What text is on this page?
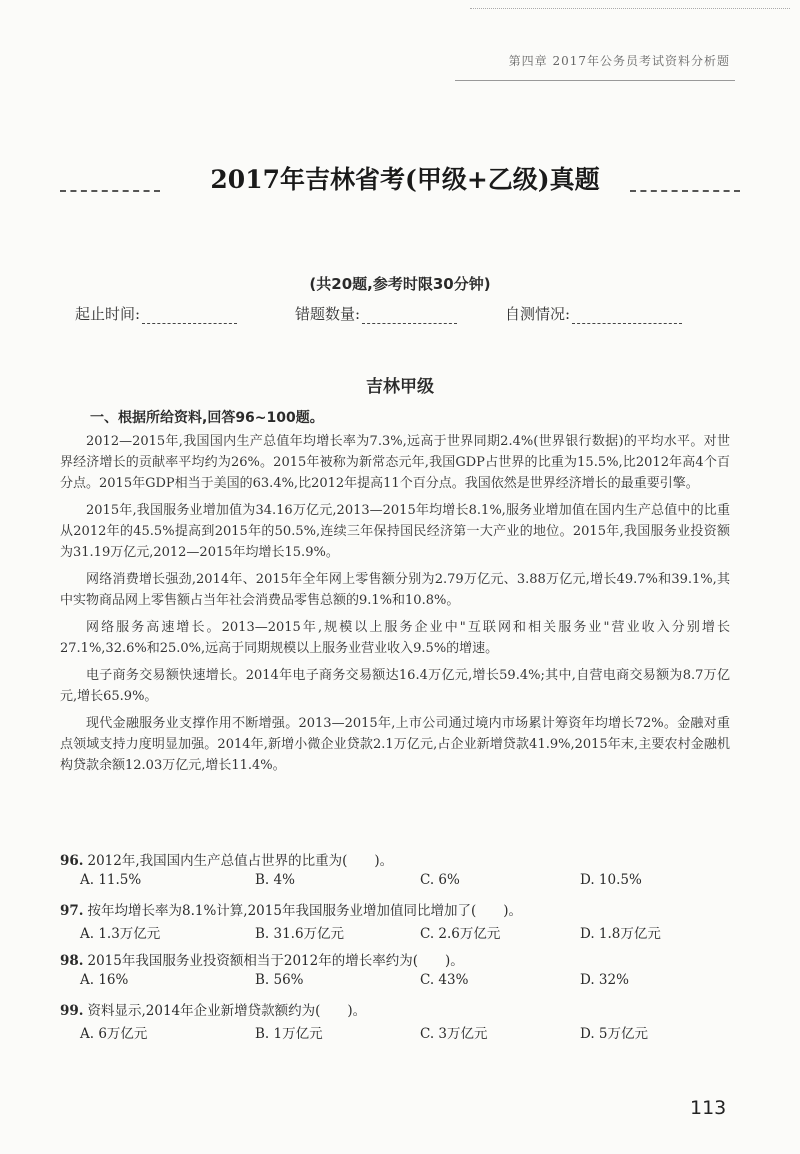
第四章 2017年公务员考试资料分析题
2017年吉林省考(甲级+乙级)真题
(共20题,参考时限30分钟)
起止时间:	错题数量:	自测情况:
吉林甲级
一、根据所给资料,回答96~100题。

2012—2015年,我国国内生产总值年均增长率为7.3%,远高于世界同期2.4%(世界银行数据)的平均水平。对世界经济增长的贡献率平均约为26%。2015年被称为新常态元年,我国GDP占世界的比重为15.5%,比2012年高4个百分点。2015年GDP相当于美国的63.4%,比2012年提高11个百分点。我国依然是世界经济增长的最重要引擎。

2015年,我国服务业增加值为34.16万亿元,2013—2015年均增长8.1%,服务业增加值在国内生产总值中的比重从2012年的45.5%提高到2015年的50.5%,连续三年保持国民经济第一大产业的地位。2015年,我国服务业投资额为31.19万亿元,2012—2015年均增长15.9%。

网络消费增长强劲,2014年、2015年全年网上零售额分别为2.79万亿元、3.88万亿元,增长49.7%和39.1%,其中实物商品网上零售额占当年社会消费品零售总额的9.1%和10.8%。

网络服务高速增长。2013—2015年,规模以上服务企业中"互联网和相关服务业"营业收入分别增长27.1%,32.6%和25.0%,远高于同期规模以上服务业营业收入9.5%的增速。

电子商务交易额快速增长。2014年电子商务交易额达16.4万亿元,增长59.4%;其中,自营电商交易额为8.7万亿元,增长65.9%。

现代金融服务业支撑作用不断增强。2013—2015年,上市公司通过境内市场累计筹资年均增长72%。金融对重点领域支持力度明显加强。2014年,新增小微企业贷款2.1万亿元,占企业新增贷款41.9%,2015年末,主要农村金融机构贷款余额12.03万亿元,增长11.4%。

96. 2012年,我国国内生产总值占世界的比重为(　　)。
A. 11.5%	B. 4%	C. 6%	D. 10.5%
97. 按年均增长率为8.1%计算,2015年我国服务业增加值同比增加了(　　)。
A. 1.3万亿元	B. 31.6万亿元	C. 2.6万亿元	D. 1.8万亿元
98. 2015年我国服务业投资额相当于2012年的增长率约为(　　)。
A. 16%	B. 56%	C. 43%	D. 32%
99. 资料显示,2014年企业新增贷款额约为(　　)。
A. 6万亿元	B. 1万亿元	C. 3万亿元	D. 5万亿元
113
